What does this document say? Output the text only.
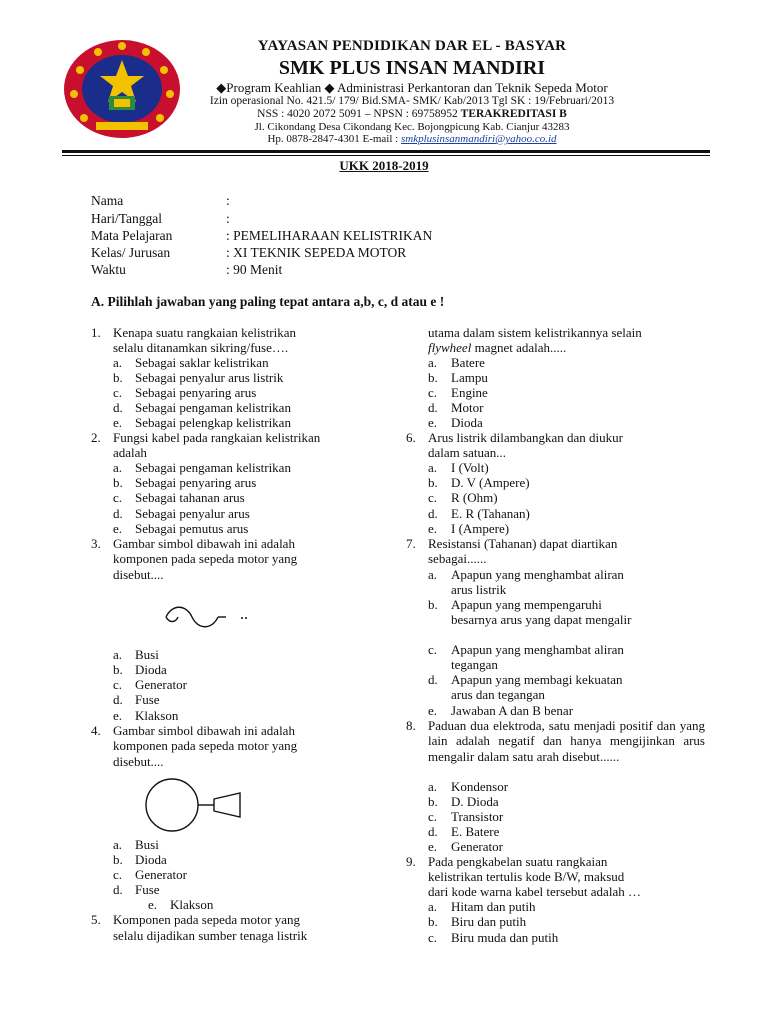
YAYASAN PENDIDIKAN DAR EL - BASYAR
SMK PLUS INSAN MANDIRI
◆Program Keahlian ◆ Administrasi Perkantoran dan Teknik Sepeda Motor
Izin operasional No. 421.5/ 179/ Bid.SMA- SMK/ Kab/2013 Tgl SK : 19/Februari/2013
NSS : 4020 2072 5091 – NPSN : 69758952 TERAKREDITASI B
Jl. Cikondang Desa Cikondang Kec. Bojongpicung Kab. Cianjur 43283
Hp. 0878-2847-4301 E-mail : smkplusinsanmandiri@yahoo.co.id
UKK 2018-2019
Nama	:
Hari/Tanggal	:
Mata Pelajaran	: PEMELIHARAAN KELISTRIKAN
Kelas/ Jurusan	: XI TEKNIK SEPEDA MOTOR
Waktu	: 90 Menit
A. Pilihlah jawaban yang paling tepat antara a,b, c, d atau e !
1. Kenapa suatu rangkaian kelistrikan
selalu ditanamkan sikring/fuse….
a. Sebagai saklar kelistrikan
b. Sebagai penyalur arus listrik
c. Sebagai penyaring arus
d. Sebagai pengaman kelistrikan
e. Sebagai pelengkap kelistrikan
2. Fungsi kabel pada rangkaian kelistrikan
adalah
a. Sebagai pengaman kelistrikan
b. Sebagai penyaring arus
c. Sebagai tahanan arus
d. Sebagai penyalur arus
e. Sebagai pemutus arus
3. Gambar simbol dibawah ini adalah
komponen pada sepeda motor yang
disebut....
a. Busi
b. Dioda
c. Generator
d. Fuse
e. Klakson
4. Gambar simbol dibawah ini adalah
komponen pada sepeda motor yang
disebut....
a. Busi
b. Dioda
c. Generator
d. Fuse
e. Klakson
5. Komponen pada sepeda motor yang
selalu dijadikan sumber tenaga listrik
utama dalam sistem kelistrikannya selain
flywheel magnet adalah.....
a. Batere
b. Lampu
c. Engine
d. Motor
e. Dioda
6. Arus listrik dilambangkan dan diukur
dalam satuan...
a. I (Volt)
b. D. V (Ampere)
c. R (Ohm)
d. E. R (Tahanan)
e. I (Ampere)
7. Resistansi (Tahanan) dapat diartikan
sebagai......
a. Apapun yang menghambat aliran
arus listrik
b. Apapun yang mempengaruhi
besarnya arus yang dapat mengalir
c. Apapun yang menghambat aliran
tegangan
d. Apapun yang membagi kekuatan
arus dan tegangan
e. Jawaban A dan B benar
8. Paduan dua elektroda, satu menjadi positif dan yang lain adalah negatif dan hanya mengijinkan arus mengalir dalam satu arah disebut......
a. Kondensor
b. D. Dioda
c. Transistor
d. E. Batere
e. Generator
9. Pada pengkabelan suatu rangkaian
kelistrikan tertulis kode B/W, maksud
dari kode warna kabel tersebut adalah …
a. Hitam dan putih
b. Biru dan putih
c. Biru muda dan putih
